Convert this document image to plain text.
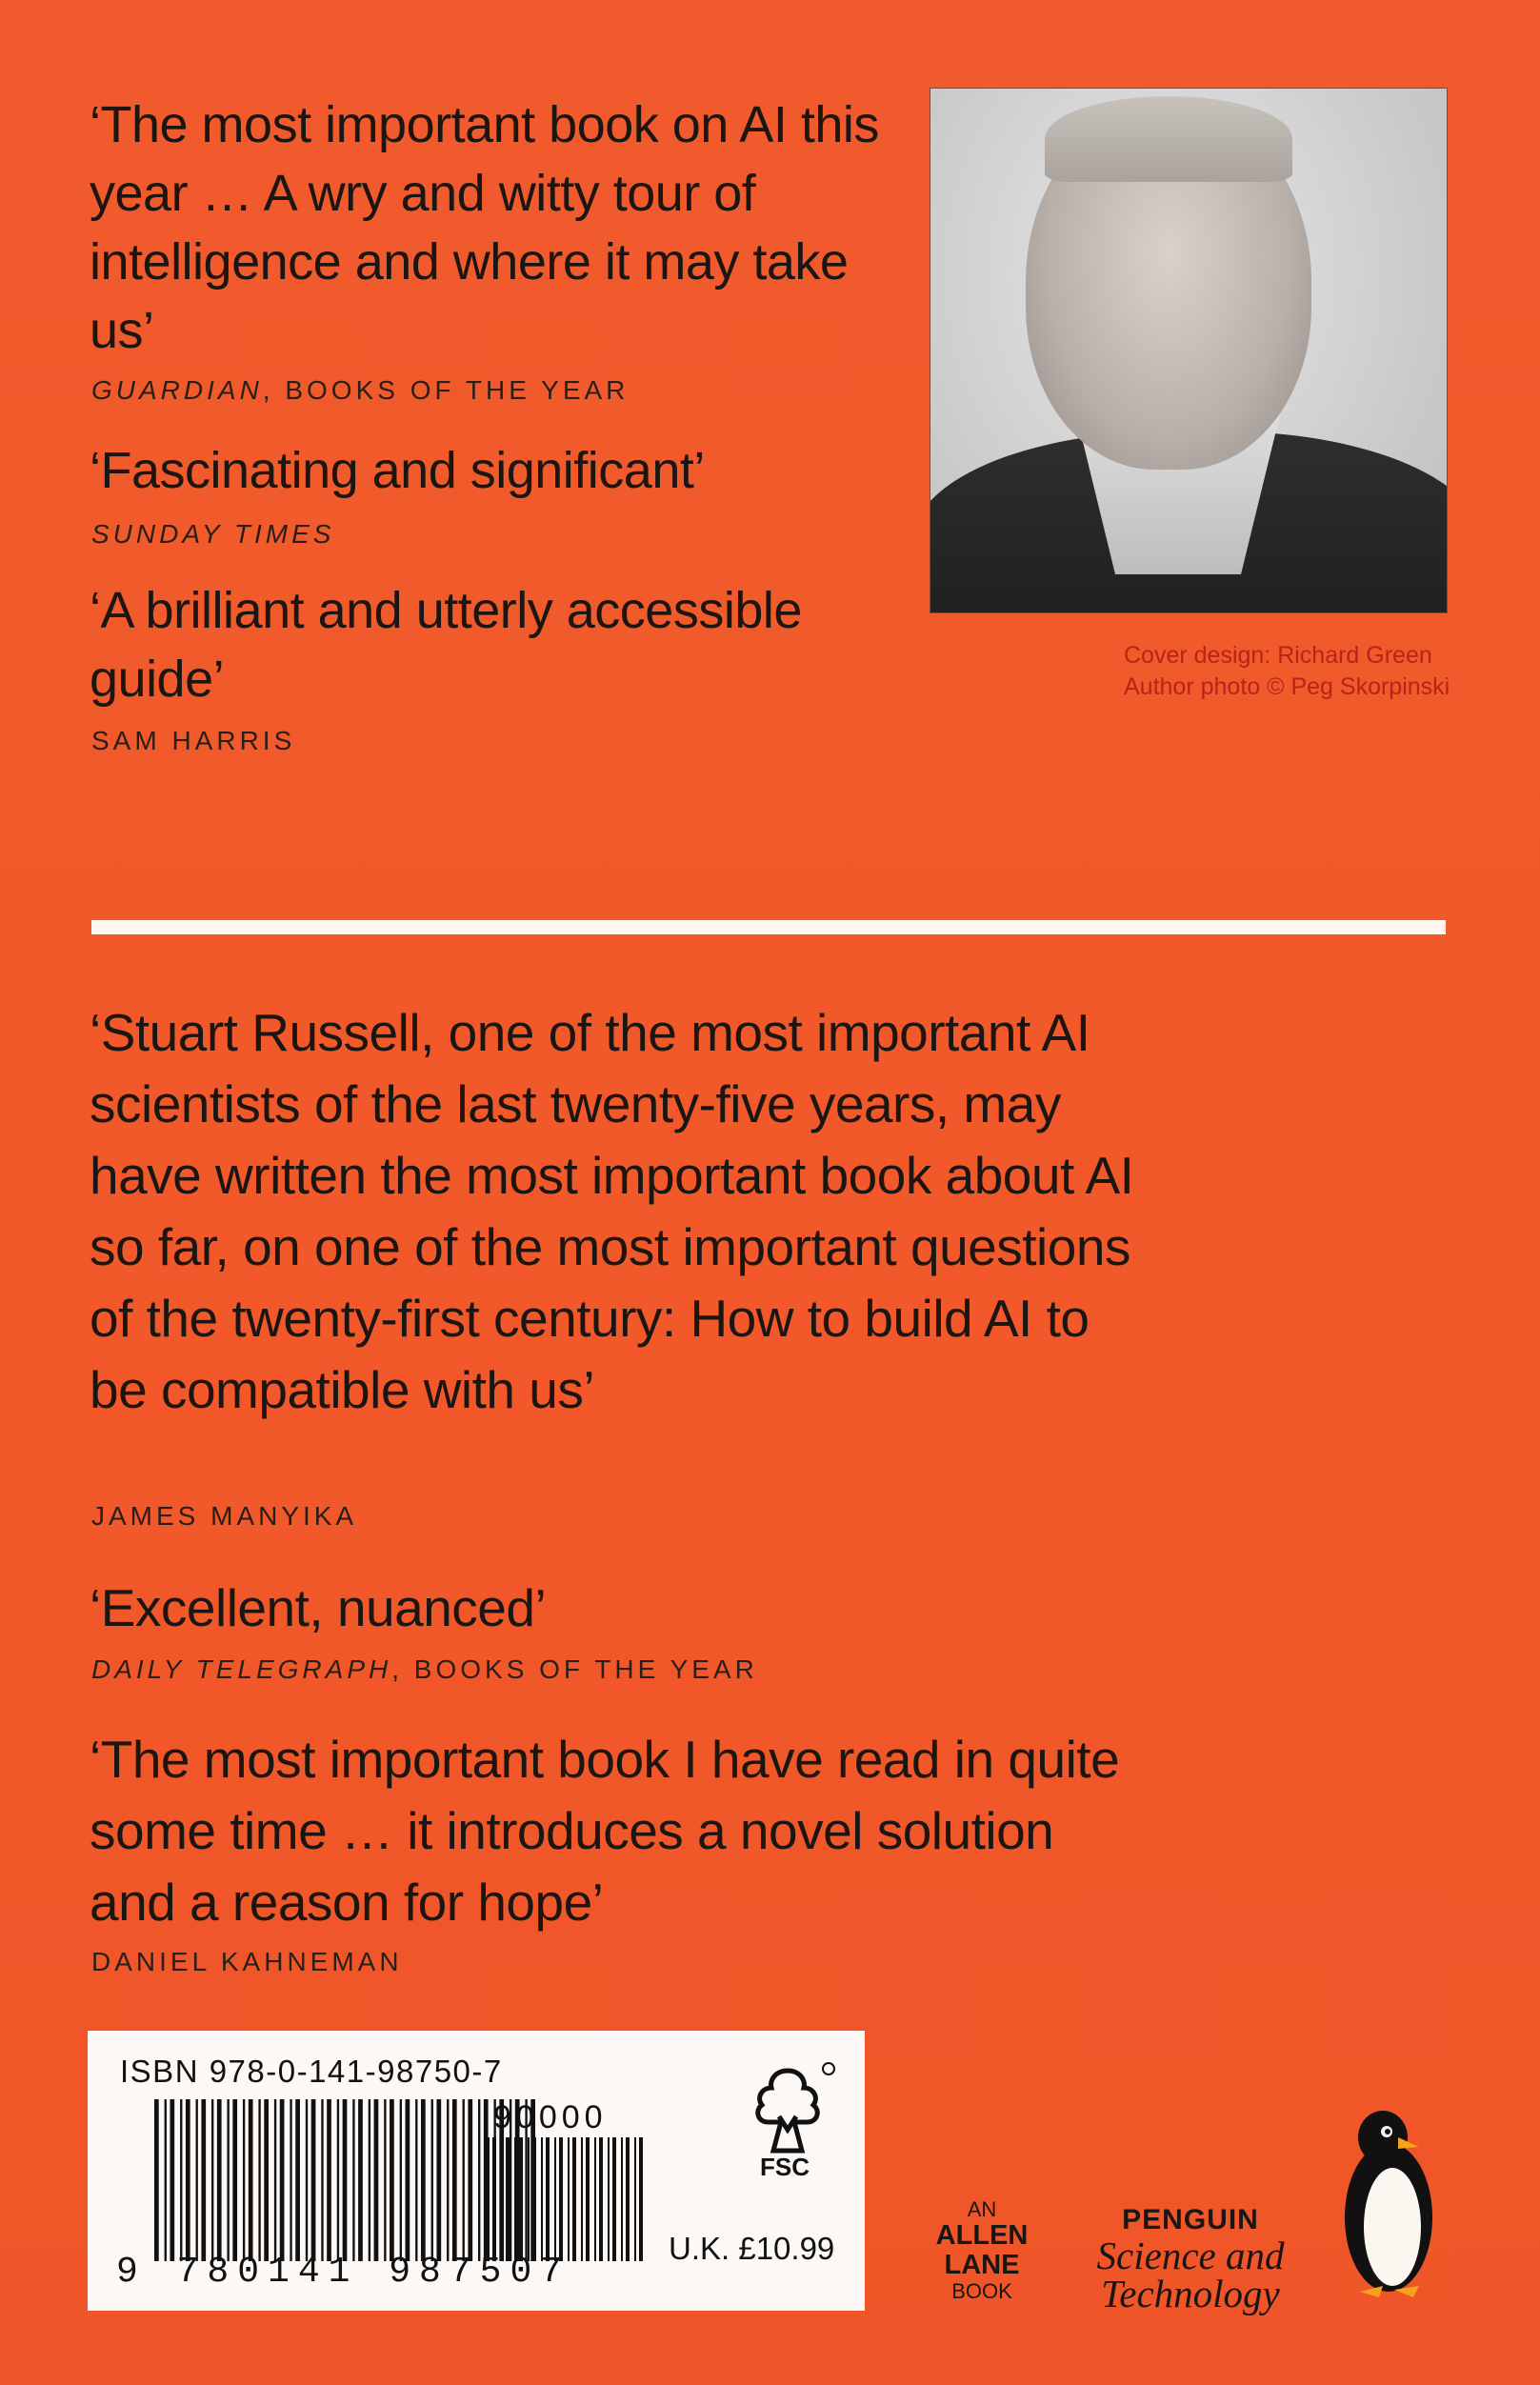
‘The most important book on AI this year … A wry and witty tour of intelligence and where it may take us’
GUARDIAN, BOOKS OF THE YEAR
‘Fascinating and significant’
SUNDAY TIMES
‘A brilliant and utterly accessible guide’
SAM HARRIS
Cover design: Richard Green
Author photo © Peg Skorpinski
‘Stuart Russell, one of the most important AI scientists of the last twenty-five years, may have written the most important book about AI so far, on one of the most important questions of the twenty-first century: How to build AI to be compatible with us’
JAMES MANYIKA
‘Excellent, nuanced’
DAILY TELEGRAPH, BOOKS OF THE YEAR
‘The most important book I have read in quite some time … it introduces a novel solution and a reason for hope’
DANIEL KAHNEMAN
ISBN 978-0-141-98750-7
90000
9 780141 987507
FSC
U.K. £10.99
AN
ALLEN
LANE
BOOK
PENGUIN
Science and
Technology
